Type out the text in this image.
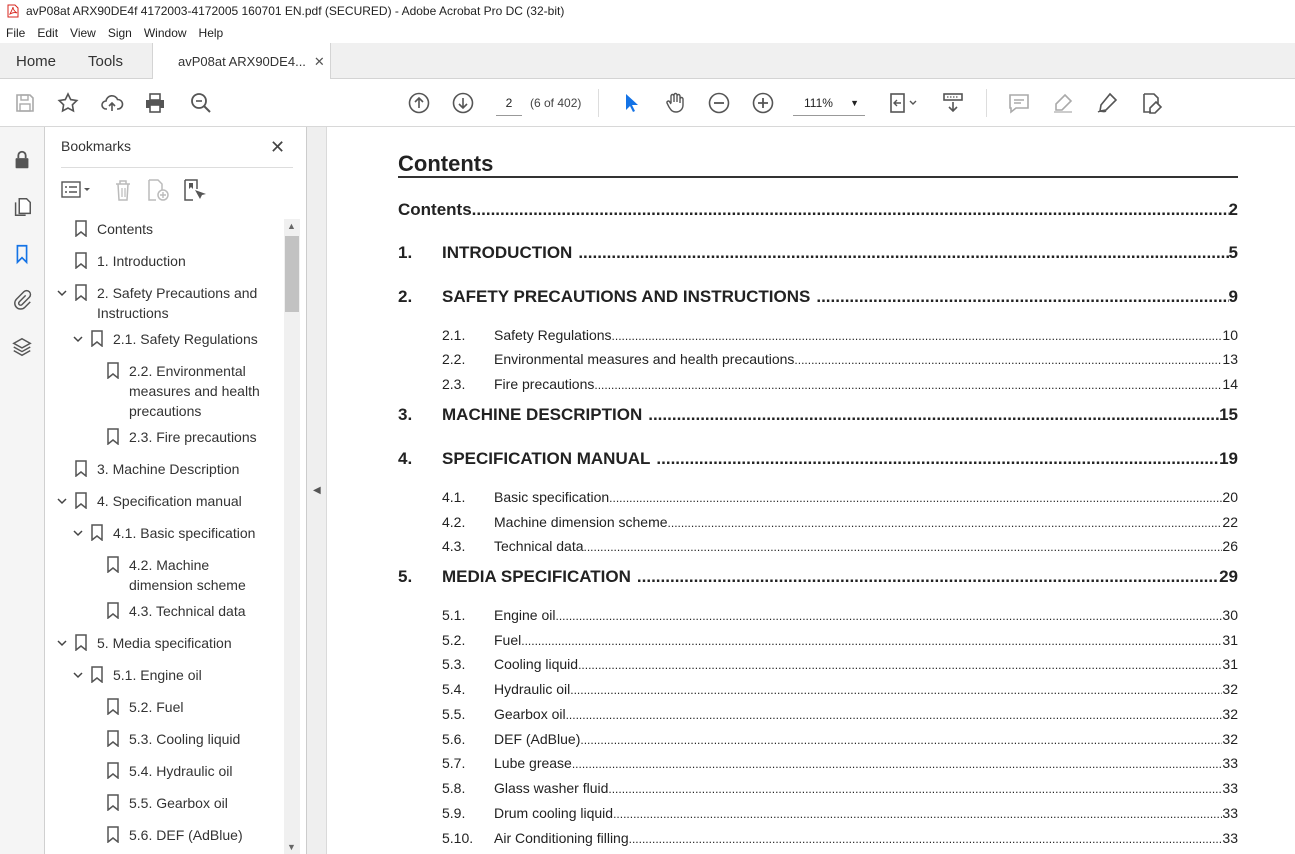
avP08at ARX90DE4f 4172003-4172005 160701 EN.pdf (SECURED) - Adobe Acrobat Pro DC (32-bit)
File	Edit	View	Sign	Window	Help
Home Tools	avP08at ARX90DE4... ✕
2	(6 of 402)	111% ▼
Bookmarks	✕
Contents
1. Introduction
2. Safety Precautions and
Instructions
2.1. Safety Regulations
2.2. Environmental
measures and health
precautions
2.3. Fire precautions
3. Machine Description
4. Specification manual
4.1. Basic specification
4.2. Machine
dimension scheme
4.3. Technical data
5. Media specification
5.1. Engine oil
5.2. Fuel
5.3. Cooling liquid
5.4. Hydraulic oil
5.5. Gearbox oil
5.6. DEF (AdBlue)
▲
▼
◀
Contents
Contents .....	2
1.	INTRODUCTION .....	5
2.	SAFETY PRECAUTIONS AND INSTRUCTIONS .....	9
2.1.	Safety Regulations .....	10
2.2.	Environmental measures and health precautions .....	13
2.3.	Fire precautions .....	14
3.	MACHINE DESCRIPTION .....	15
4.	SPECIFICATION MANUAL .....	19
4.1.	Basic specification .....	20
4.2.	Machine dimension scheme .....	22
4.3.	Technical data .....	26
5.	MEDIA SPECIFICATION .....	29
5.1.	Engine oil .....	30
5.2.	Fuel .....	31
5.3.	Cooling liquid .....	31
5.4.	Hydraulic oil .....	32
5.5.	Gearbox oil .....	32
5.6.	DEF (AdBlue) .....	32
5.7.	Lube grease .....	33
5.8.	Glass washer fluid .....	33
5.9.	Drum cooling liquid .....	33
5.10.	Air Conditioning filling .....	33
